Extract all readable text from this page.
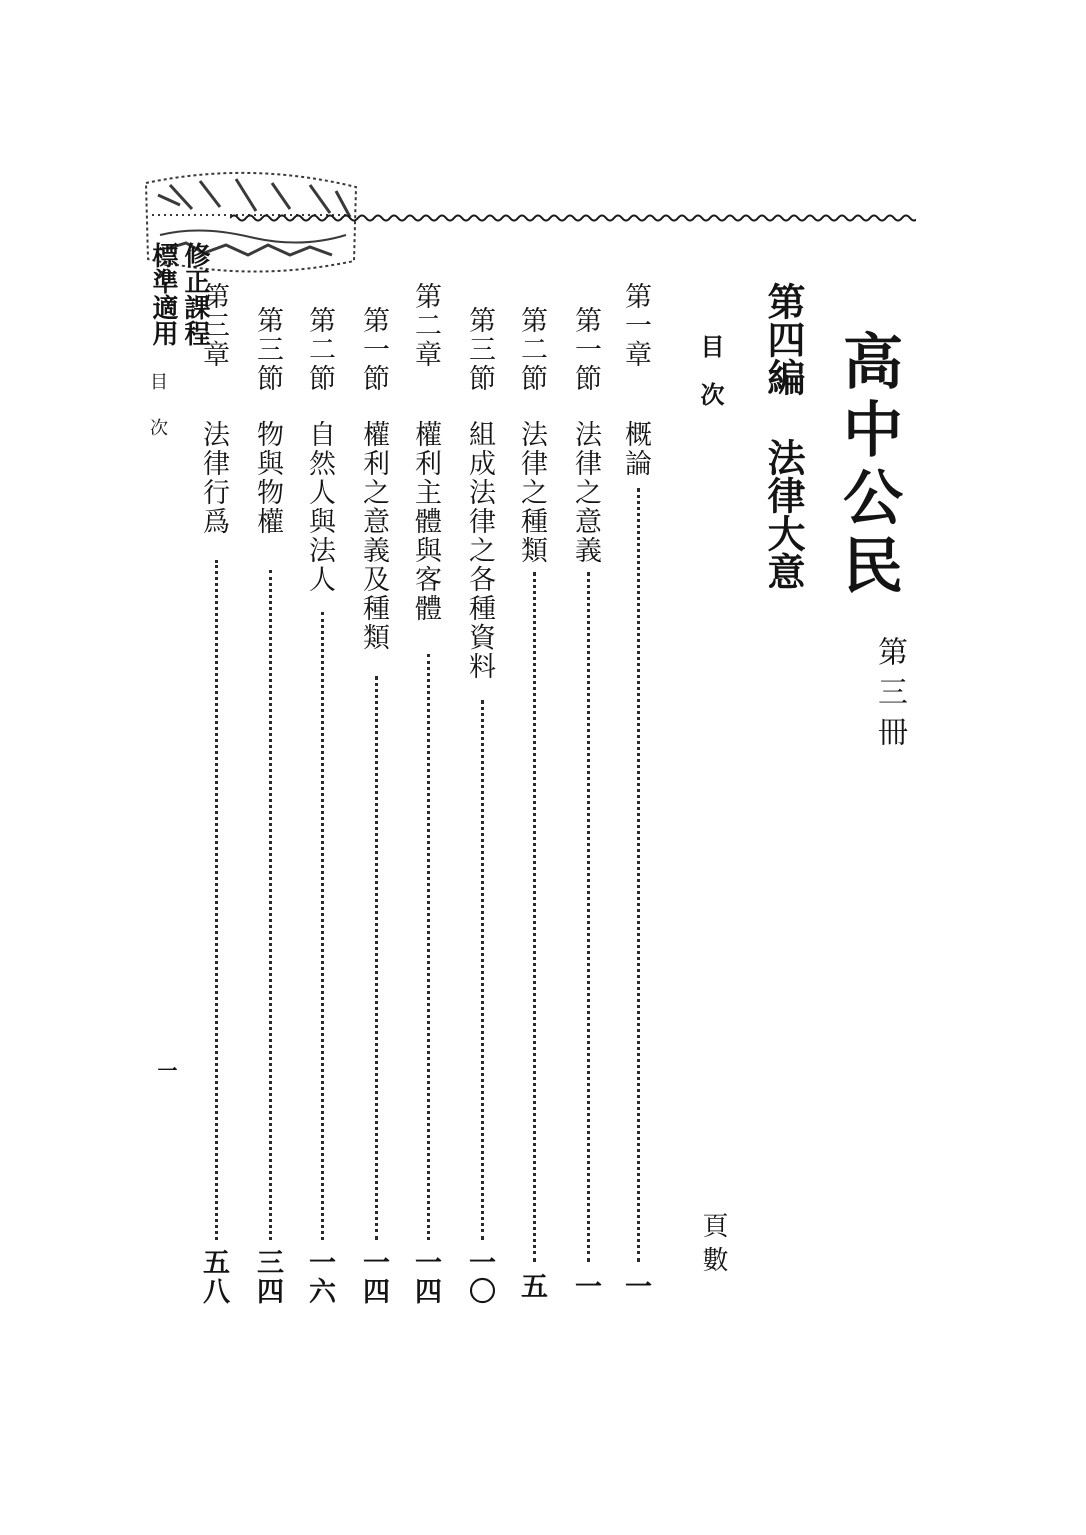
修正課程
標準適用
高中公民
第三冊
第四編
法律大意
目次
頁數
第一章
概論
一
第一節
法律之意義
一
第二節
法律之種類
五
第三節
組成法律之各種資料
一〇
第二章
權利主體與客體
一四
第一節
權利之意義及種類
一四
第二節
自然人與法人
一六
第三節
物與物權
三四
第三章
法律行爲
五八
目次
一
